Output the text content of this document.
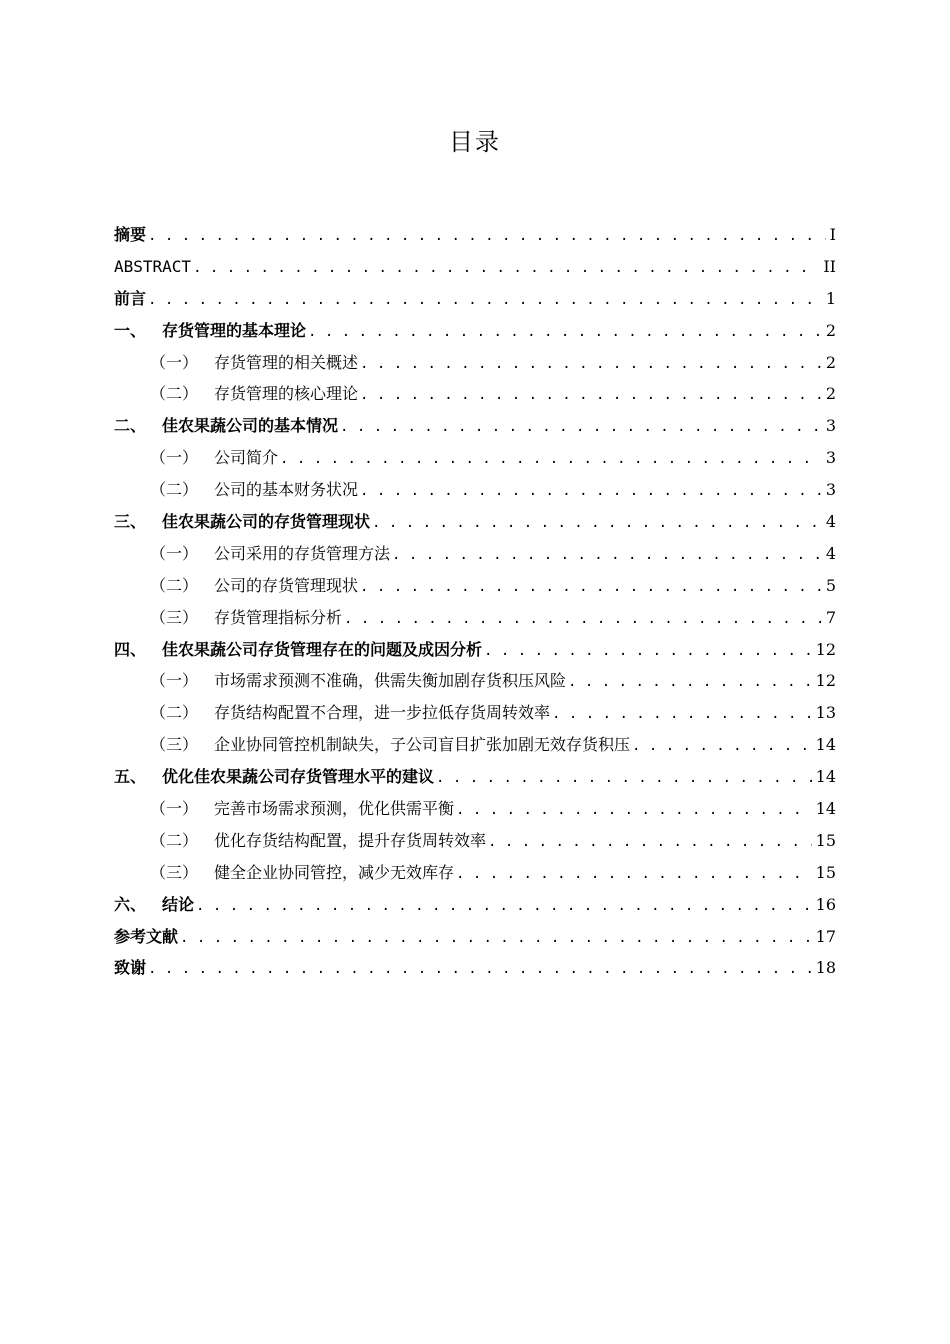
目录
摘要 . . .	I
ABSTRACT . . .	II
前言 . . .	1
一、 存货管理的基本理论 . . .	2
（一） 存货管理的相关概述 . . .	2
（二） 存货管理的核心理论 . . .	2
二、 佳农果蔬公司的基本情况 . . .	3
（一） 公司简介 . . .	3
（二） 公司的基本财务状况 . . .	3
三、 佳农果蔬公司的存货管理现状 . . .	4
（一） 公司采用的存货管理方法 . . .	4
（二） 公司的存货管理现状 . . .	5
（三） 存货管理指标分析 . . .	7
四、 佳农果蔬公司存货管理存在的问题及成因分析 . . .	12
（一） 市场需求预测不准确，供需失衡加剧存货积压风险 . . .	12
（二） 存货结构配置不合理，进一步拉低存货周转效率 . . .	13
（三） 企业协同管控机制缺失，子公司盲目扩张加剧无效存货积压 . . .	14
五、 优化佳农果蔬公司存货管理水平的建议 . . .	14
（一） 完善市场需求预测，优化供需平衡 . . .	14
（二） 优化存货结构配置，提升存货周转效率 . . .	15
（三） 健全企业协同管控，减少无效库存 . . .	15
六、 结论 . . .	16
参考文献 . . .	17
致谢 . . .	18
